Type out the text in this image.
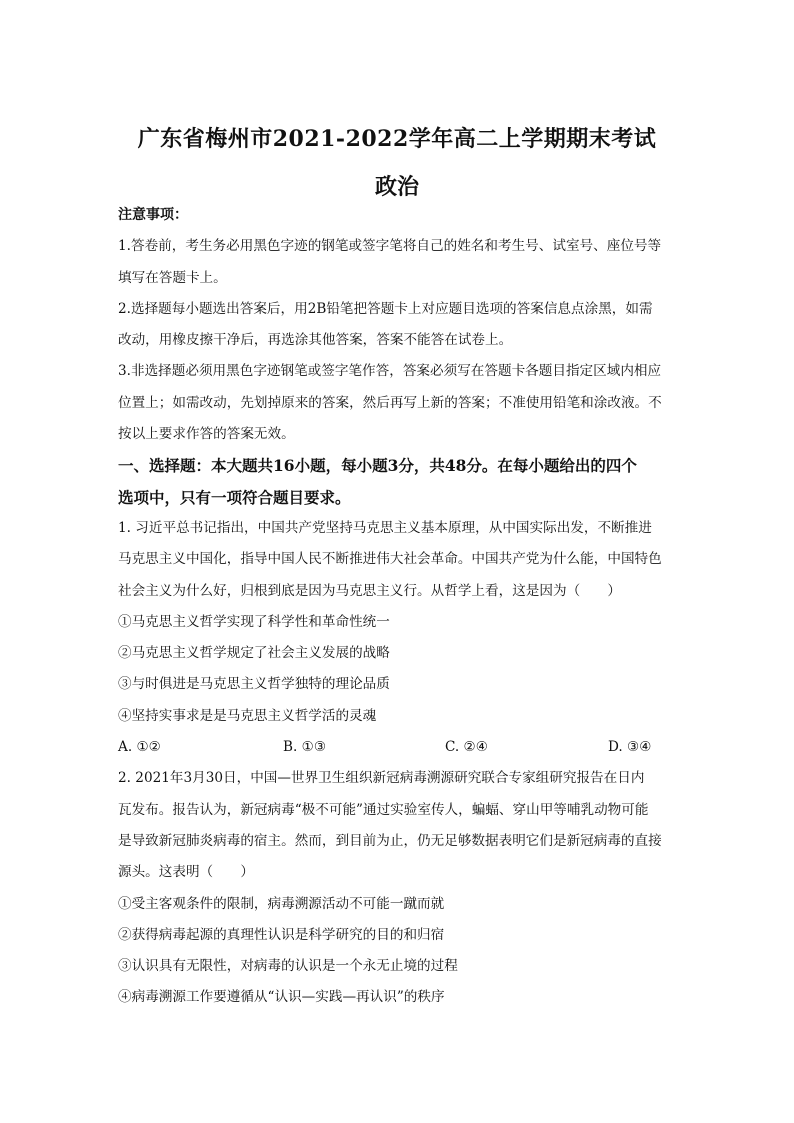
广东省梅州市2021-2022学年高二上学期期末考试
政治
注意事项：
1.答卷前，考生务必用黑色字迹的钢笔或签字笔将自己的姓名和考生号、试室号、座位号等
填写在答题卡上。
2.选择题每小题选出答案后，用2B铅笔把答题卡上对应题目选项的答案信息点涂黑，如需
改动，用橡皮擦干净后，再选涂其他答案，答案不能答在试卷上。
3.非选择题必须用黑色字迹钢笔或签字笔作答，答案必须写在答题卡各题目指定区域内相应
位置上；如需改动，先划掉原来的答案，然后再写上新的答案；不准使用铅笔和涂改液。不
按以上要求作答的答案无效。
一、选择题：本大题共16小题，每小题3分，共48分。在每小题给出的四个
选项中，只有一项符合题目要求。
1. 习近平总书记指出，中国共产党坚持马克思主义基本原理，从中国实际出发，不断推进
马克思主义中国化，指导中国人民不断推进伟大社会革命。中国共产党为什么能，中国特色
社会主义为什么好，归根到底是因为马克思主义行。从哲学上看，这是因为（　　）
①马克思主义哲学实现了科学性和革命性统一
②马克思主义哲学规定了社会主义发展的战略
③与时俱进是马克思主义哲学独特的理论品质
④坚持实事求是是马克思主义哲学活的灵魂
A. ①②	B. ①③	C. ②④	D. ③④
2. 2021年3月30日，中国—世界卫生组织新冠病毒溯源研究联合专家组研究报告在日内
瓦发布。报告认为，新冠病毒“极不可能”通过实验室传人，蝙蝠、穿山甲等哺乳动物可能
是导致新冠肺炎病毒的宿主。然而，到目前为止，仍无足够数据表明它们是新冠病毒的直接
源头。这表明（　　）
①受主客观条件的限制，病毒溯源活动不可能一蹴而就
②获得病毒起源的真理性认识是科学研究的目的和归宿
③认识具有无限性，对病毒的认识是一个永无止境的过程
④病毒溯源工作要遵循从“认识—实践—再认识”的秩序
